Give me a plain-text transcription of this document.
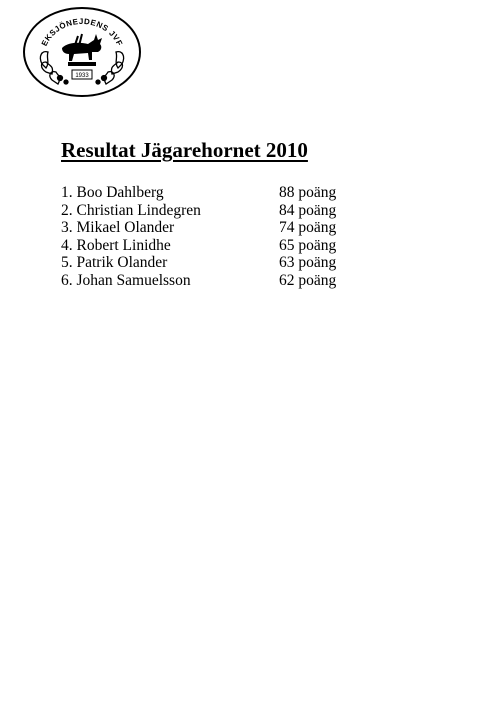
EKSJÖNEJDENS JVF
1933
Resultat Jägarehornet 2010
1. Boo Dahlberg	88 poäng
2. Christian Lindegren	84 poäng
3. Mikael Olander	74 poäng
4. Robert Linidhe	65 poäng
5. Patrik Olander	63 poäng
6. Johan Samuelsson	62 poäng
